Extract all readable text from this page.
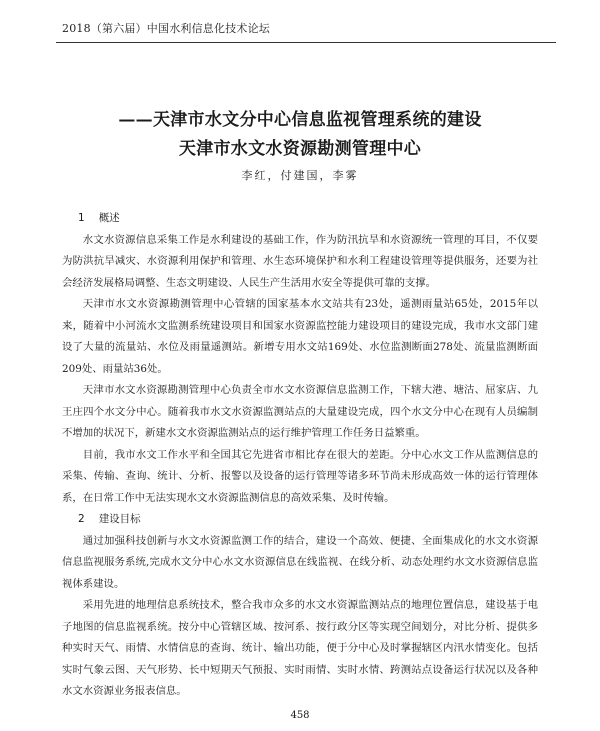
2018（第六届）中国水利信息化技术论坛
——天津市水文分中心信息监视管理系统的建设
天津市水文水资源勘测管理中心
李红，付建国，李雾

1 概述

水文水资源信息采集工作是水利建设的基础工作，作为防汛抗旱和水资源统一管理的耳目，不仅要为防洪抗旱减灾、水资源利用保护和管理、水生态环境保护和水利工程建设管理等提供服务，还要为社会经济发展格局调整、生态文明建设、人民生产生活用水安全等提供可靠的支撑。

天津市水文水资源勘测管理中心管辖的国家基本水文站共有23处，遥测雨量站65处，2015年以来，随着中小河流水文监测系统建设项目和国家水资源监控能力建设项目的建设完成，我市水文部门建设了大量的流量站、水位及雨量遥测站。新增专用水文站169处、水位监测断面278处、流量监测断面209处、雨量站36处。

天津市水文水资源勘测管理中心负责全市水文水资源信息监测工作，下辖大港、塘沽、屈家店、九王庄四个水文分中心。随着我市水文水资源监测站点的大量建设完成，四个水文分中心在现有人员编制不增加的状况下，新建水文水资源监测站点的运行维护管理工作任务日益繁重。

目前，我市水文工作水平和全国其它先进省市相比存在很大的差距。分中心水文工作从监测信息的采集、传输、查询、统计、分析、报警以及设备的运行管理等诸多环节尚未形成高效一体的运行管理体系，在日常工作中无法实现水文水资源监测信息的高效采集、及时传输。

2 建设目标

通过加强科技创新与水文水资源监测工作的结合，建设一个高效、便捷、全面集成化的水文水资源信息监视服务系统,完成水文分中心水文水资源信息在线监视、在线分析、动态处理约水文水资源信息监视体系建设。

采用先进的地理信息系统技术，整合我市众多的水文水资源监测站点的地理位置信息，建设基于电子地图的信息监视系统。按分中心管辖区域、按河系、按行政分区等实现空间划分，对比分析、提供多种实时天气、雨情、水情信息的查询、统计、输出功能，便于分中心及时掌握辖区内汛水情变化。包括实时气象云图、天气形势、长中短期天气预报、实时雨情、实时水情、跨测站点设备运行状况以及各种水文水资源业务报表信息。

458
